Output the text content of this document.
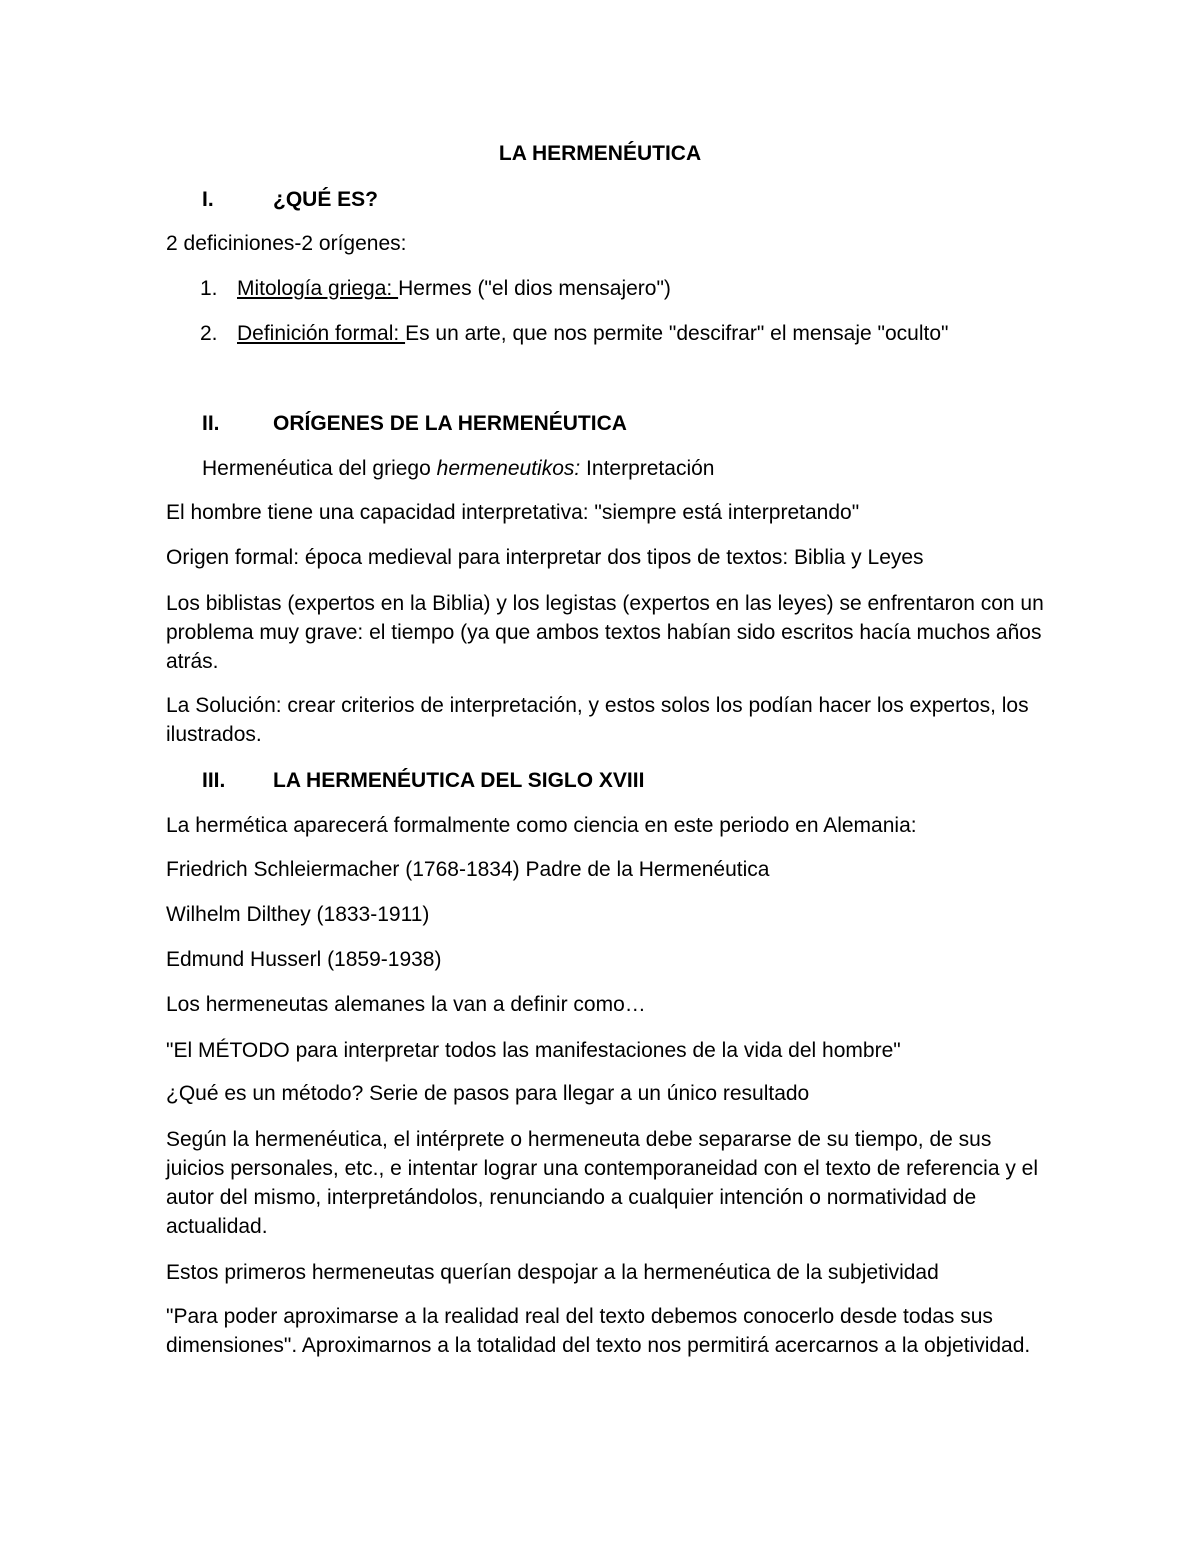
LA HERMENÉUTICA
I.	¿QUÉ ES?
2 deficiniones-2 orígenes:
1. Mitología griega: Hermes ("el dios mensajero")
2. Definición formal: Es un arte, que nos permite "descifrar" el mensaje "oculto"
II.	ORÍGENES DE LA HERMENÉUTICA
Hermenéutica del griego hermeneutikos: Interpretación
El hombre tiene una capacidad interpretativa: "siempre está interpretando"
Origen formal: época medieval para interpretar dos tipos de textos: Biblia y Leyes
Los biblistas (expertos en la Biblia) y los legistas (expertos en las leyes) se enfrentaron con un problema muy grave: el tiempo (ya que ambos textos habían sido escritos hacía muchos años atrás.
La Solución: crear criterios de interpretación, y estos solos los podían hacer los expertos, los ilustrados.
III. LA HERMENÉUTICA DEL SIGLO XVIII
La hermética aparecerá formalmente como ciencia en este periodo en Alemania:
Friedrich Schleiermacher (1768-1834) Padre de la Hermenéutica
Wilhelm Dilthey (1833-1911)
Edmund Husserl (1859-1938)
Los hermeneutas alemanes la van a definir como…
"El MÉTODO para interpretar todos las manifestaciones de la vida del hombre"
¿Qué es un método? Serie de pasos para llegar a un único resultado
Según la hermenéutica, el intérprete o hermeneuta debe separarse de su tiempo, de sus juicios personales, etc., e intentar lograr una contemporaneidad con el texto de referencia y el autor del mismo, interpretándolos, renunciando a cualquier intención o normatividad de actualidad.
Estos primeros hermeneutas querían despojar a la hermenéutica de la subjetividad
"Para poder aproximarse a la realidad real del texto debemos conocerlo desde todas sus dimensiones". Aproximarnos a la totalidad del texto nos permitirá acercarnos a la objetividad.
